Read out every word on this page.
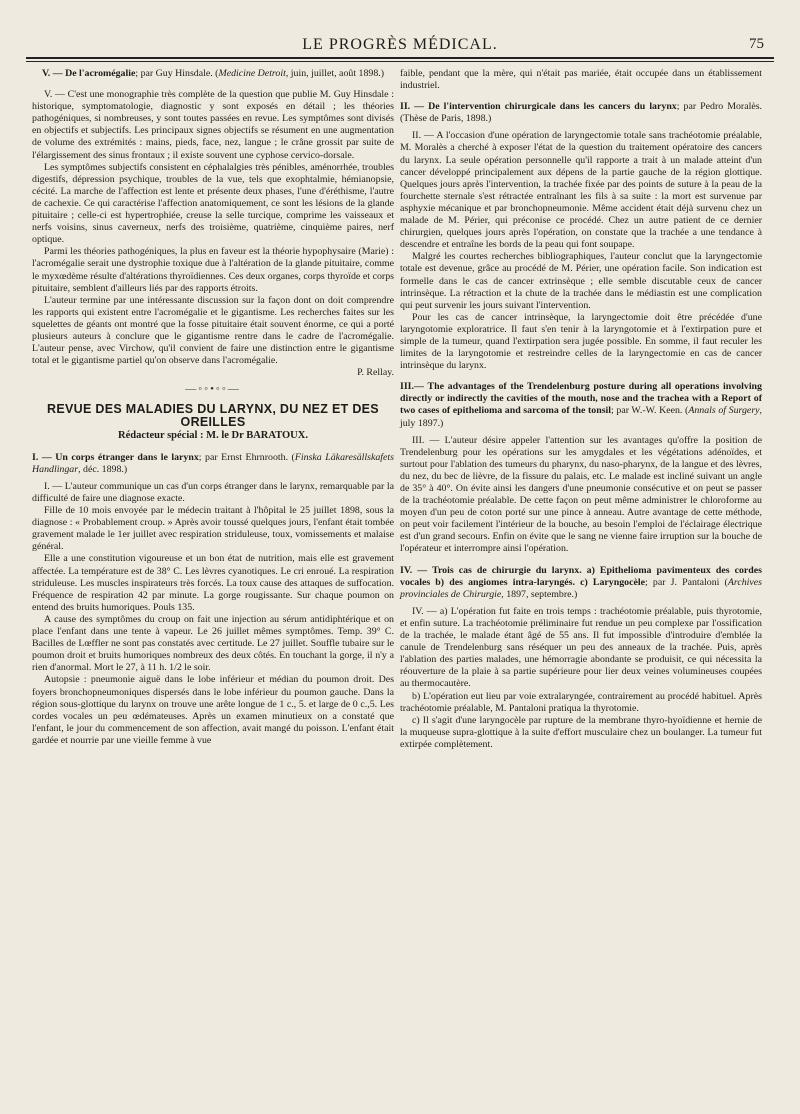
LE PROGRÈS MÉDICAL.	75

V. — De l'acromégalie; par Guy Hinsdale. (Medicine Detroit, juin, juillet, août 1898.)

V. — C'est une monographie très complète de la question que publie M. Guy Hinsdale : historique, symptomatologie, diagnostic y sont exposés en détail ; les théories pathogéniques, si nombreuses, y sont toutes passées en revue. Les symptômes sont divisés en objectifs et subjectifs. Les principaux signes objectifs se résument en une augmentation de volume des extrémités : mains, pieds, face, nez, langue ; le crâne grossit par suite de l'élargissement des sinus frontaux ; il existe souvent une cyphose cervico-dorsale.

Les symptômes subjectifs consistent en céphalalgies très pénibles, aménorrhée, troubles digestifs, dépression psychique, troubles de la vue, tels que exophtalmie, hémianopsie, cécité. La marche de l'affection est lente et présente deux phases, l'une d'éréthisme, l'autre de cachexie. Ce qui caractérise l'affection anatomiquement, ce sont les lésions de la glande pituitaire ; celle-ci est hypertrophiée, creuse la selle turcique, comprime les vaisseaux et nerfs voisins, sinus caverneux, nerfs des troisième, quatrième, cinquième paires, nerf optique.

Parmi les théories pathogéniques, la plus en faveur est la théorie hypophysaire (Marie) : l'acromégalie serait une dystrophie toxique due à l'altération de la glande pituitaire, comme le myxœdème résulte d'altérations thyroïdiennes. Ces deux organes, corps thyroïde et corps pituitaire, semblent d'ailleurs liés par des rapports étroits.

L'auteur termine par une intéressante discussion sur la façon dont on doit comprendre les rapports qui existent entre l'acromégalie et le gigantisme. Les recherches faites sur les squelettes de géants ont montré que la fosse pituitaire était souvent énorme, ce qui a porté plusieurs auteurs à conclure que le gigantisme rentre dans le cadre de l'acromégalie. L'auteur pense, avec Virchow, qu'il convient de faire une distinction entre le gigantisme total et le gigantisme partiel qu'on observe dans l'acromégalie.

P. Rellay.

—◦◦•◦◦—
REVUE DES MALADIES DU LARYNX, DU NEZ ET DES OREILLES
Rédacteur spécial : M. le Dr BARATOUX.

I. — Un corps étranger dans le larynx; par Ernst Ehrnrooth. (Finska Läkaresällskafets Handlingar, déc. 1898.)

I. — L'auteur communique un cas d'un corps étranger dans le larynx, remarquable par la difficulté de faire une diagnose exacte.

Fille de 10 mois envoyée par le médecin traitant à l'hôpital le 25 juillet 1898, sous la diagnose : « Probablement croup. » Après avoir toussé quelques jours, l'enfant était tombée gravement malade le 1er juillet avec respiration striduleuse, toux, vomissements et malaise général.

Elle a une constitution vigoureuse et un bon état de nutrition, mais elle est gravement affectée. La température est de 38° C. Les lèvres cyanotiques. Le cri enroué. La respiration striduleuse. Les muscles inspirateurs très forcés. La toux cause des attaques de suffocation. Fréquence de respiration 42 par minute. La gorge rougissante. Sur chaque poumon on entend des bruits humoriques. Pouls 135.

A cause des symptômes du croup on fait une injection au sérum antidiphtérique et on place l'enfant dans une tente à vapeur. Le 26 juillet mêmes symptômes. Temp. 39° C. Bacilles de Lœffler ne sont pas constatés avec certitude. Le 27 juillet. Souffle tubaire sur le poumon droit et bruits humoriques nombreux des deux côtés. En touchant la gorge, il n'y a rien d'anormal. Mort le 27, à 11 h. 1/2 le soir.

Autopsie : pneumonie aiguë dans le lobe inférieur et médian du poumon droit. Des foyers bronchopneumoniques dispersés dans le lobe inférieur du poumon gauche. Dans la région sous-glottique du larynx on trouve une arête longue de 1 c., 5. et large de 0 c.,5. Les cordes vocales un peu œdémateuses. Après un examen minutieux on a constaté que l'enfant, le jour du commencement de son affection, avait mangé du poisson. L'enfant était gardée et nourrie par une vieille femme à vue

faible, pendant que la mère, qui n'était pas mariée, était occupée dans un établissement industriel.

II. — De l'intervention chirurgicale dans les cancers du larynx; par Pedro Moralès. (Thèse de Paris, 1898.)

II. — A l'occasion d'une opération de laryngectomie totale sans trachéotomie préalable, M. Moralès a cherché à exposer l'état de la question du traitement opératoire des cancers du larynx. La seule opération personnelle qu'il rapporte a trait à un malade atteint d'un cancer développé principalement aux dépens de la partie gauche de la région glottique. Quelques jours après l'intervention, la trachée fixée par des points de suture à la peau de la fourchette sternale s'est rétractée entraînant les fils à sa suite : la mort est survenue par asphyxie mécanique et par bronchopneumonie. Même accident était déjà survenu chez un malade de M. Périer, qui préconise ce procédé. Chez un autre patient de ce dernier chirurgien, quelques jours après l'opération, on constate que la trachée a une tendance à descendre et entraîne les bords de la peau qui font soupape.

Malgré les courtes recherches bibliographiques, l'auteur conclut que la laryngectomie totale est devenue, grâce au procédé de M. Périer, une opération facile. Son indication est formelle dans le cas de cancer extrinsèque ; elle semble discutable ceux de cancer intrinsèque. La rétraction et la chute de la trachée dans le médiastin est une complication qui peut survenir les jours suivant l'intervention.

Pour les cas de cancer intrinsèque, la laryngectomie doit être précédée d'une laryngotomie exploratrice. Il faut s'en tenir à la laryngotomie et à l'extirpation pure et simple de la tumeur, quand l'extirpation sera jugée possible. En somme, il faut reculer les limites de la laryngotomie et restreindre celles de la laryngectomie en cas de cancer intrinsèque du larynx.

III.— The advantages of the Trendelenburg posture during all operations involving directly or indirectly the cavities of the mouth, nose and the trachea with a Report of two cases of epithelioma and sarcoma of the tonsil; par W.-W. Keen. (Annals of Surgery, july 1897.)

III. — L'auteur désire appeler l'attention sur les avantages qu'offre la position de Trendelenburg pour les opérations sur les amygdales et les végétations adénoïdes, et surtout pour l'ablation des tumeurs du pharynx, du naso-pharynx, de la langue et des lèvres, du nez, du bec de lièvre, de la fissure du palais, etc. Le malade est incliné suivant un angle de 35° à 40°. On évite ainsi les dangers d'une pneumonie consécutive et on peut se passer de la trachéotomie préalable. De cette façon on peut même administrer le chloroforme au moyen d'un peu de coton porté sur une pince à anneau. Autre avantage de cette méthode, on peut voir facilement l'intérieur de la bouche, au besoin l'emploi de l'éclairage électrique est d'un grand secours. Enfin on évite que le sang ne vienne faire irruption sur la bouche de l'opérateur et interrompre ainsi l'opération.

IV. — Trois cas de chirurgie du larynx. a) Epithelioma pavimenteux des cordes vocales b) des angiomes intra-laryngés. c) Laryngocèle; par J. Pantaloni (Archives provinciales de Chirurgie, 1897, septembre.)

IV. — a) L'opération fut faite en trois temps : trachéotomie préalable, puis thyrotomie, et enfin suture. La trachéotomie préliminaire fut rendue un peu complexe par l'ossification de la trachée, le malade étant âgé de 55 ans. Il fut impossible d'introduire d'emblée la canule de Trendelenburg sans réséquer un peu des anneaux de la trachée. Puis, après l'ablation des parties malades, une hémorragie abondante se produisit, ce qui nécessita la réouverture de la plaie à sa partie supérieure pour lier deux veines volumineuses coupées au thermocautère.

b) L'opération eut lieu par voie extralaryngée, contrairement au procédé habituel. Après trachéotomie préalable, M. Pantaloni pratiqua la thyrotomie.

c) Il s'agit d'une laryngocèle par rupture de la membrane thyro-hyoïdienne et hernie de la muqueuse supra-glottique à la suite d'effort musculaire chez un boulanger. La tumeur fut extirpée complètement.
